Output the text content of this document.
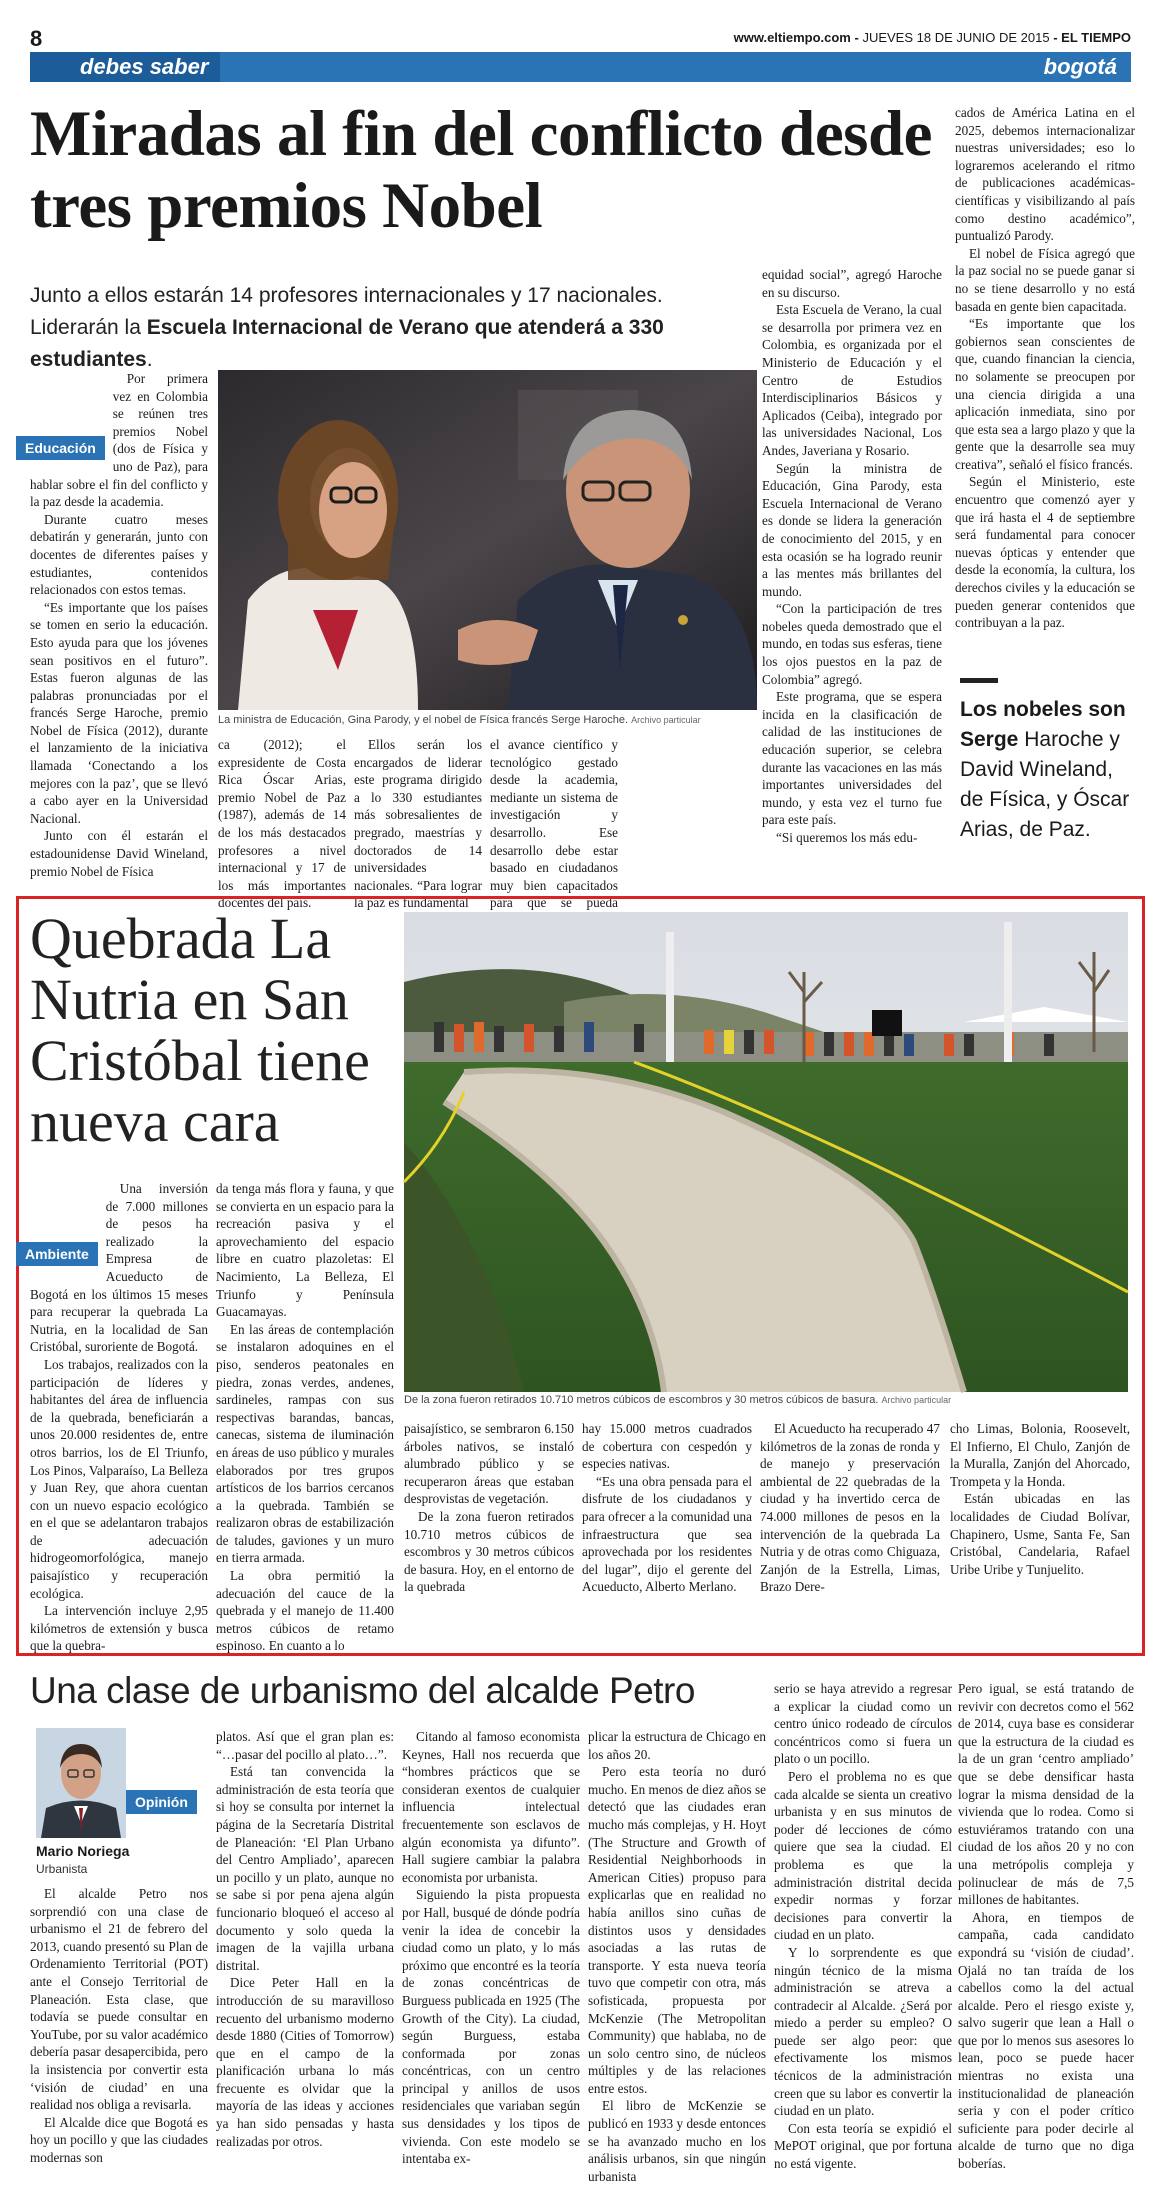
8	www.eltiempo.com - JUEVES 18 DE JUNIO DE 2015 - EL TIEMPO
debes saber	bogotá
Miradas al fin del conflicto desde tres premios Nobel
Junto a ellos estarán 14 profesores internacionales y 17 nacionales. Liderarán la Escuela Internacional de Verano que atenderá a 330 estudiantes.
Educación

Por primera vez en Colombia se reúnen tres premios Nobel (dos de Física y uno de Paz), para hablar sobre el fin del conflicto y la paz desde la academia.

Durante cuatro meses debatirán y generarán, junto con docentes de diferentes países y estudiantes, contenidos relacionados con estos temas.

“Es importante que los países se tomen en serio la educación. Esto ayuda para que los jóvenes sean positivos en el futuro”. Estas fueron algunas de las palabras pronunciadas por el francés Serge Haroche, premio Nobel de Física (2012), durante el lanzamiento de la iniciativa llamada ‘Conectando a los mejores con la paz’, que se llevó a cabo ayer en la Universidad Nacional.

Junto con él estarán el estadounidense David Wineland, premio Nobel de Física

La ministra de Educación, Gina Parody, y el nobel de Física francés Serge Haroche. Archivo particular

ca (2012); el expresidente de Costa Rica Óscar Arias, premio Nobel de Paz (1987), además de 14 de los más destacados profesores a nivel internacional y 17 de los más importantes docentes del país.

Ellos serán los encargados de liderar este programa dirigido a lo 330 estudiantes más sobresalientes de pregrado, maestrías y doctorados de 14 universidades nacionales. “Para lograr la paz es fundamental

el avance científico y tecnológico gestado desde la academia, mediante un sistema de investigación y desarrollo. Ese desarrollo debe estar basado en ciudadanos muy bien capacitados para que se pueda

equidad social”, agregó Haroche en su discurso.

Esta Escuela de Verano, la cual se desarrolla por primera vez en Colombia, es organizada por el Ministerio de Educación y el Centro de Estudios Interdisciplinarios Básicos y Aplicados (Ceiba), integrado por las universidades Nacional, Los Andes, Javeriana y Rosario.

Según la ministra de Educación, Gina Parody, esta Escuela Internacional de Verano es donde se lidera la generación de conocimiento del 2015, y en esta ocasión se ha logrado reunir a las mentes más brillantes del mundo.

“Con la participación de tres nobeles queda demostrado que el mundo, en todas sus esferas, tiene los ojos puestos en la paz de Colombia” agregó.

Este programa, que se espera incida en la clasificación de calidad de las instituciones de educación superior, se celebra durante las vacaciones en las más importantes universidades del mundo, y esta vez el turno fue para este país.

“Si queremos los más edu-

cados de América Latina en el 2025, debemos internacionalizar nuestras universidades; eso lo lograremos acelerando el ritmo de publicaciones académicas-científicas y visibilizando al país como destino académico”, puntualizó Parody.

El nobel de Física agregó que la paz social no se puede ganar si no se tiene desarrollo y no está basada en gente bien capacitada.

“Es importante que los gobiernos sean conscientes de que, cuando financian la ciencia, no solamente se preocupen por una ciencia dirigida a una aplicación inmediata, sino por que esta sea a largo plazo y que la gente que la desarrolle sea muy creativa”, señaló el físico francés.

Según el Ministerio, este encuentro que comenzó ayer y que irá hasta el 4 de septiembre será fundamental para conocer nuevas ópticas y entender que desde la economía, la cultura, los derechos civiles y la educación se pueden generar contenidos que contribuyan a la paz.

Los nobeles son Serge Haroche y David Wineland, de Física, y Óscar Arias, de Paz.
Quebrada La Nutria en San Cristóbal tiene nueva cara
De la zona fueron retirados 10.710 metros cúbicos de escombros y 30 metros cúbicos de basura. Archivo particular
Ambiente

Una inversión de 7.000 millones de pesos ha realizado la Empresa de Acueducto de Bogotá en los últimos 15 meses para recuperar la quebrada La Nutria, en la localidad de San Cristóbal, suroriente de Bogotá.

Los trabajos, realizados con la participación de líderes y habitantes del área de influencia de la quebrada, beneficiarán a unos 20.000 residentes de, entre otros barrios, los de El Triunfo, Los Pinos, Valparaíso, La Belleza y Juan Rey, que ahora cuentan con un nuevo espacio ecológico en el que se adelantaron trabajos de adecuación hidrogeomorfológica, manejo paisajístico y recuperación ecológica.

La intervención incluye 2,95 kilómetros de extensión y busca que la quebra-

da tenga más flora y fauna, y que se convierta en un espacio para la recreación pasiva y el aprovechamiento del espacio libre en cuatro plazoletas: El Nacimiento, La Belleza, El Triunfo y Península Guacamayas.

En las áreas de contemplación se instalaron adoquines en el piso, senderos peatonales en piedra, zonas verdes, andenes, sardineles, rampas con sus respectivas barandas, bancas, canecas, sistema de iluminación en áreas de uso público y murales elaborados por tres grupos artísticos de los barrios cercanos a la quebrada. También se realizaron obras de estabilización de taludes, gaviones y un muro en tierra armada.

La obra permitió la adecuación del cauce de la quebrada y el manejo de 11.400 metros cúbicos de retamo espinoso. En cuanto a lo

paisajístico, se sembraron 6.150 árboles nativos, se instaló alumbrado público y se recuperaron áreas que estaban desprovistas de vegetación.

De la zona fueron retirados 10.710 metros cúbicos de escombros y 30 metros cúbicos de basura. Hoy, en el entorno de la quebrada

hay 15.000 metros cuadrados de cobertura con cespedón y especies nativas.

“Es una obra pensada para el disfrute de los ciudadanos y para ofrecer a la comunidad una infraestructura que sea aprovechada por los residentes del lugar”, dijo el gerente del Acueducto, Alberto Merlano.

El Acueducto ha recuperado 47 kilómetros de la zonas de ronda y de manejo y preservación ambiental de 22 quebradas de la ciudad y ha invertido cerca de 74.000 millones de pesos en la intervención de la quebrada La Nutria y de otras como Chiguaza, Zanjón de la Estrella, Limas, Brazo Dere-

cho Limas, Bolonia, Roosevelt, El Infierno, El Chulo, Zanjón de la Muralla, Zanjón del Ahorcado, Trompeta y la Honda.

Están ubicadas en las localidades de Ciudad Bolívar, Chapinero, Usme, Santa Fe, San Cristóbal, Candelaria, Rafael Uribe Uribe y Tunjuelito.

Una clase de urbanismo del alcalde Petro
Opinión
Mario Noriega
Urbanista

El alcalde Petro nos sorprendió con una clase de urbanismo el 21 de febrero del 2013, cuando presentó su Plan de Ordenamiento Territorial (POT) ante el Consejo Territorial de Planeación. Esta clase, que todavía se puede consultar en YouTube, por su valor académico debería pasar desapercibida, pero la insistencia por convertir esta ‘visión de ciudad’ en una realidad nos obliga a revisarla.

El Alcalde dice que Bogotá es hoy un pocillo y que las ciudades modernas son

platos. Así que el gran plan es: “…pasar del pocillo al plato…”.

Está tan convencida la administración de esta teoría que si hoy se consulta por internet la página de la Secretaría Distrital de Planeación: ‘El Plan Urbano del Centro Ampliado’, aparecen un pocillo y un plato, aunque no se sabe si por pena ajena algún funcionario bloqueó el acceso al documento y solo queda la imagen de la vajilla urbana distrital.

Dice Peter Hall en la introducción de su maravilloso recuento del urbanismo moderno desde 1880 (Cities of Tomorrow) que en el campo de la planificación urbana lo más frecuente es olvidar que la mayoría de las ideas y acciones ya han sido pensadas y hasta realizadas por otros.

Citando al famoso economista Keynes, Hall nos recuerda que “hombres prácticos que se consideran exentos de cualquier influencia intelectual frecuentemente son esclavos de algún economista ya difunto”. Hall sugiere cambiar la palabra economista por urbanista.

Siguiendo la pista propuesta por Hall, busqué de dónde podría venir la idea de concebir la ciudad como un plato, y lo más próximo que encontré es la teoría de zonas concéntricas de Burguess publicada en 1925 (The Growth of the City). La ciudad, según Burguess, estaba conformada por zonas concéntricas, con un centro principal y anillos de usos residenciales que variaban según sus densidades y los tipos de vivienda. Con este modelo se intentaba ex-

plicar la estructura de Chicago en los años 20.

Pero esta teoría no duró mucho. En menos de diez años se detectó que las ciudades eran mucho más complejas, y H. Hoyt (The Structure and Growth of Residential Neighborhoods in American Cities) propuso para explicarlas que en realidad no había anillos sino cuñas de distintos usos y densidades asociadas a las rutas de transporte. Y esta nueva teoría tuvo que competir con otra, más sofisticada, propuesta por McKenzie (The Metropolitan Community) que hablaba, no de un solo centro sino, de núcleos múltiples y de las relaciones entre estos.

El libro de McKenzie se publicó en 1933 y desde entonces se ha avanzado mucho en los análisis urbanos, sin que ningún urbanista

serio se haya atrevido a regresar a explicar la ciudad como un centro único rodeado de círculos concéntricos como si fuera un plato o un pocillo.

Pero el problema no es que cada alcalde se sienta un creativo urbanista y en sus minutos de poder dé lecciones de cómo quiere que sea la ciudad. El problema es que la administración distrital decida expedir normas y forzar decisiones para convertir la ciudad en un plato.

Y lo sorprendente es que ningún técnico de la misma administración se atreva a contradecir al Alcalde. ¿Será por miedo a perder su empleo? O puede ser algo peor: que efectivamente los mismos técnicos de la administración creen que su labor es convertir la ciudad en un plato.

Con esta teoría se expidió el MePOT original, que por fortuna no está vigente.

Pero igual, se está tratando de revivir con decretos como el 562 de 2014, cuya base es considerar que la estructura de la ciudad es la de un gran ‘centro ampliado’ que se debe densificar hasta lograr la misma densidad de la vivienda que lo rodea. Como si estuviéramos tratando con una ciudad de los años 20 y no con una metrópolis compleja y polinuclear de más de 7,5 millones de habitantes.

Ahora, en tiempos de campaña, cada candidato expondrá su ‘visión de ciudad’. Ojalá no tan traída de los cabellos como la del actual alcalde. Pero el riesgo existe y, salvo sugerir que lean a Hall o que por lo menos sus asesores lo lean, poco se puede hacer mientras no exista una institucionalidad de planeación seria y con el poder crítico suficiente para poder decirle al alcalde de turno que no diga boberías.
